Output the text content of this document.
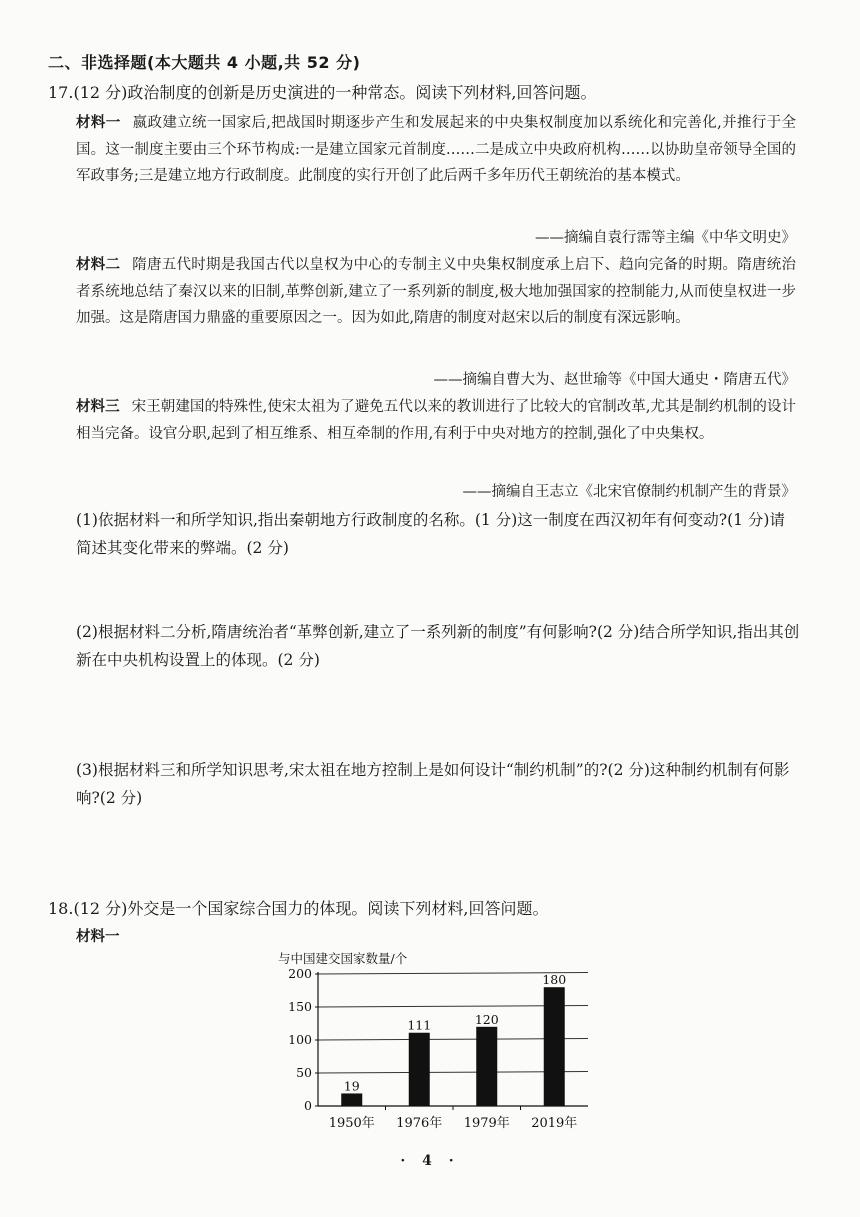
二、非选择题(本大题共 4 小题,共 52 分)
17.(12 分)政治制度的创新是历史演进的一种常态。阅读下列材料,回答问题。
材料一 嬴政建立统一国家后,把战国时期逐步产生和发展起来的中央集权制度加以系统化和完善化,并推行于全国。这一制度主要由三个环节构成:一是建立国家元首制度……二是成立中央政府机构……以协助皇帝领导全国的军政事务;三是建立地方行政制度。此制度的实行开创了此后两千多年历代王朝统治的基本模式。
——摘编自袁行霈等主编《中华文明史》
材料二 隋唐五代时期是我国古代以皇权为中心的专制主义中央集权制度承上启下、趋向完备的时期。隋唐统治者系统地总结了秦汉以来的旧制,革弊创新,建立了一系列新的制度,极大地加强国家的控制能力,从而使皇权进一步加强。这是隋唐国力鼎盛的重要原因之一。因为如此,隋唐的制度对赵宋以后的制度有深远影响。
——摘编自曹大为、赵世瑜等《中国大通史・隋唐五代》
材料三 宋王朝建国的特殊性,使宋太祖为了避免五代以来的教训进行了比较大的官制改革,尤其是制约机制的设计相当完备。设官分职,起到了相互维系、相互牵制的作用,有利于中央对地方的控制,强化了中央集权。
——摘编自王志立《北宋官僚制约机制产生的背景》
(1)依据材料一和所学知识,指出秦朝地方行政制度的名称。(1 分)这一制度在西汉初年有何变动?(1 分)请简述其变化带来的弊端。(2 分)
(2)根据材料二分析,隋唐统治者“革弊创新,建立了一系列新的制度”有何影响?(2 分)结合所学知识,指出其创新在中央机构设置上的体现。(2 分)
(3)根据材料三和所学知识思考,宋太祖在地方控制上是如何设计“制约机制”的?(2 分)这种制约机制有何影响?(2 分)
18.(12 分)外交是一个国家综合国力的体现。阅读下列材料,回答问题。
材料一
与中国建交国家数量/个
0
50
100
150
200
19
111	120
180
1950年 1976年 1979年 2019年
· 4 ·
